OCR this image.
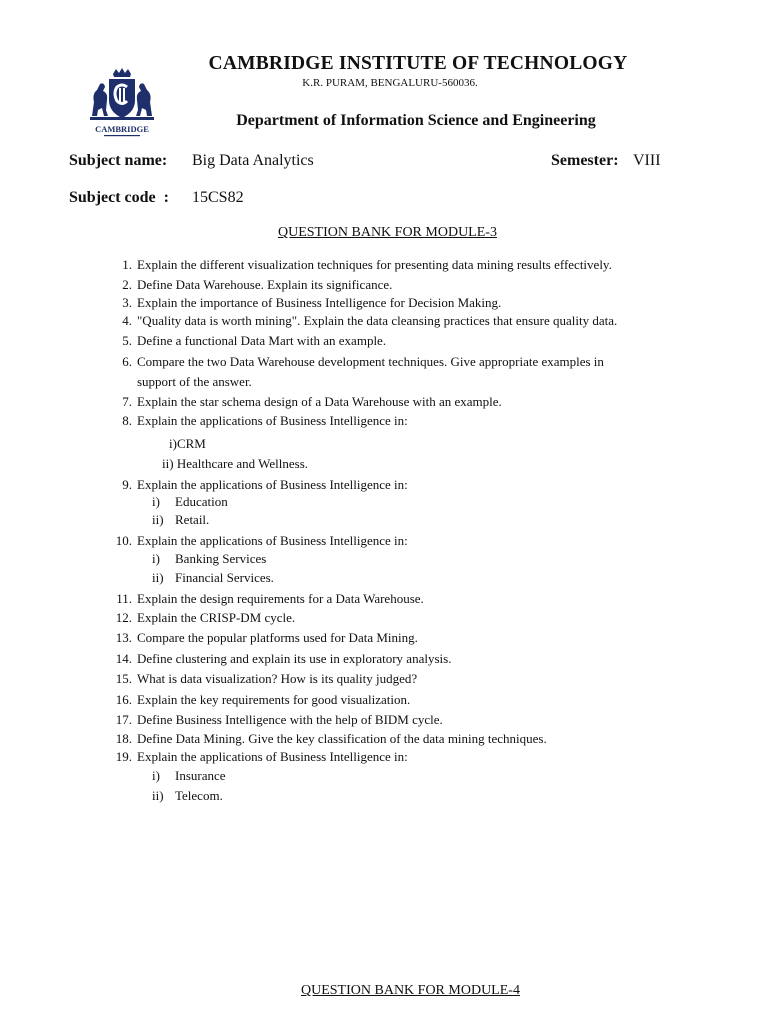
CAMBRIDGE
CAMBRIDGE INSTITUTE OF TECHNOLOGY
K.R. PURAM, BENGALURU-560036.
Department of Information Science and Engineering
Subject name: Big Data Analytics	Semester: VIII
Subject code  : 15CS82
QUESTION BANK FOR MODULE-3
1. Explain the different visualization techniques for presenting data mining results effectively.
2. Define Data Warehouse. Explain its significance.
3. Explain the importance of Business Intelligence for Decision Making.
4. "Quality data is worth mining". Explain the data cleansing practices that ensure quality data.
5. Define a functional Data Mart with an example.
6. Compare the two Data Warehouse development techniques. Give appropriate examples in
support of the answer.
7. Explain the star schema design of a Data Warehouse with an example.
8. Explain the applications of Business Intelligence in:
i)CRM
ii) Healthcare and Wellness.
9. Explain the applications of Business Intelligence in:
i) Education
ii) Retail.
10. Explain the applications of Business Intelligence in:
i) Banking Services
ii) Financial Services.
11. Explain the design requirements for a Data Warehouse.
12. Explain the CRISP-DM cycle.
13. Compare the popular platforms used for Data Mining.
14. Define clustering and explain its use in exploratory analysis.
15. What is data visualization? How is its quality judged?
16. Explain the key requirements for good visualization.
17. Define Business Intelligence with the help of BIDM cycle.
18. Define Data Mining. Give the key classification of the data mining techniques.
19. Explain the applications of Business Intelligence in:
i) Insurance
ii) Telecom.
QUESTION BANK FOR MODULE-4
